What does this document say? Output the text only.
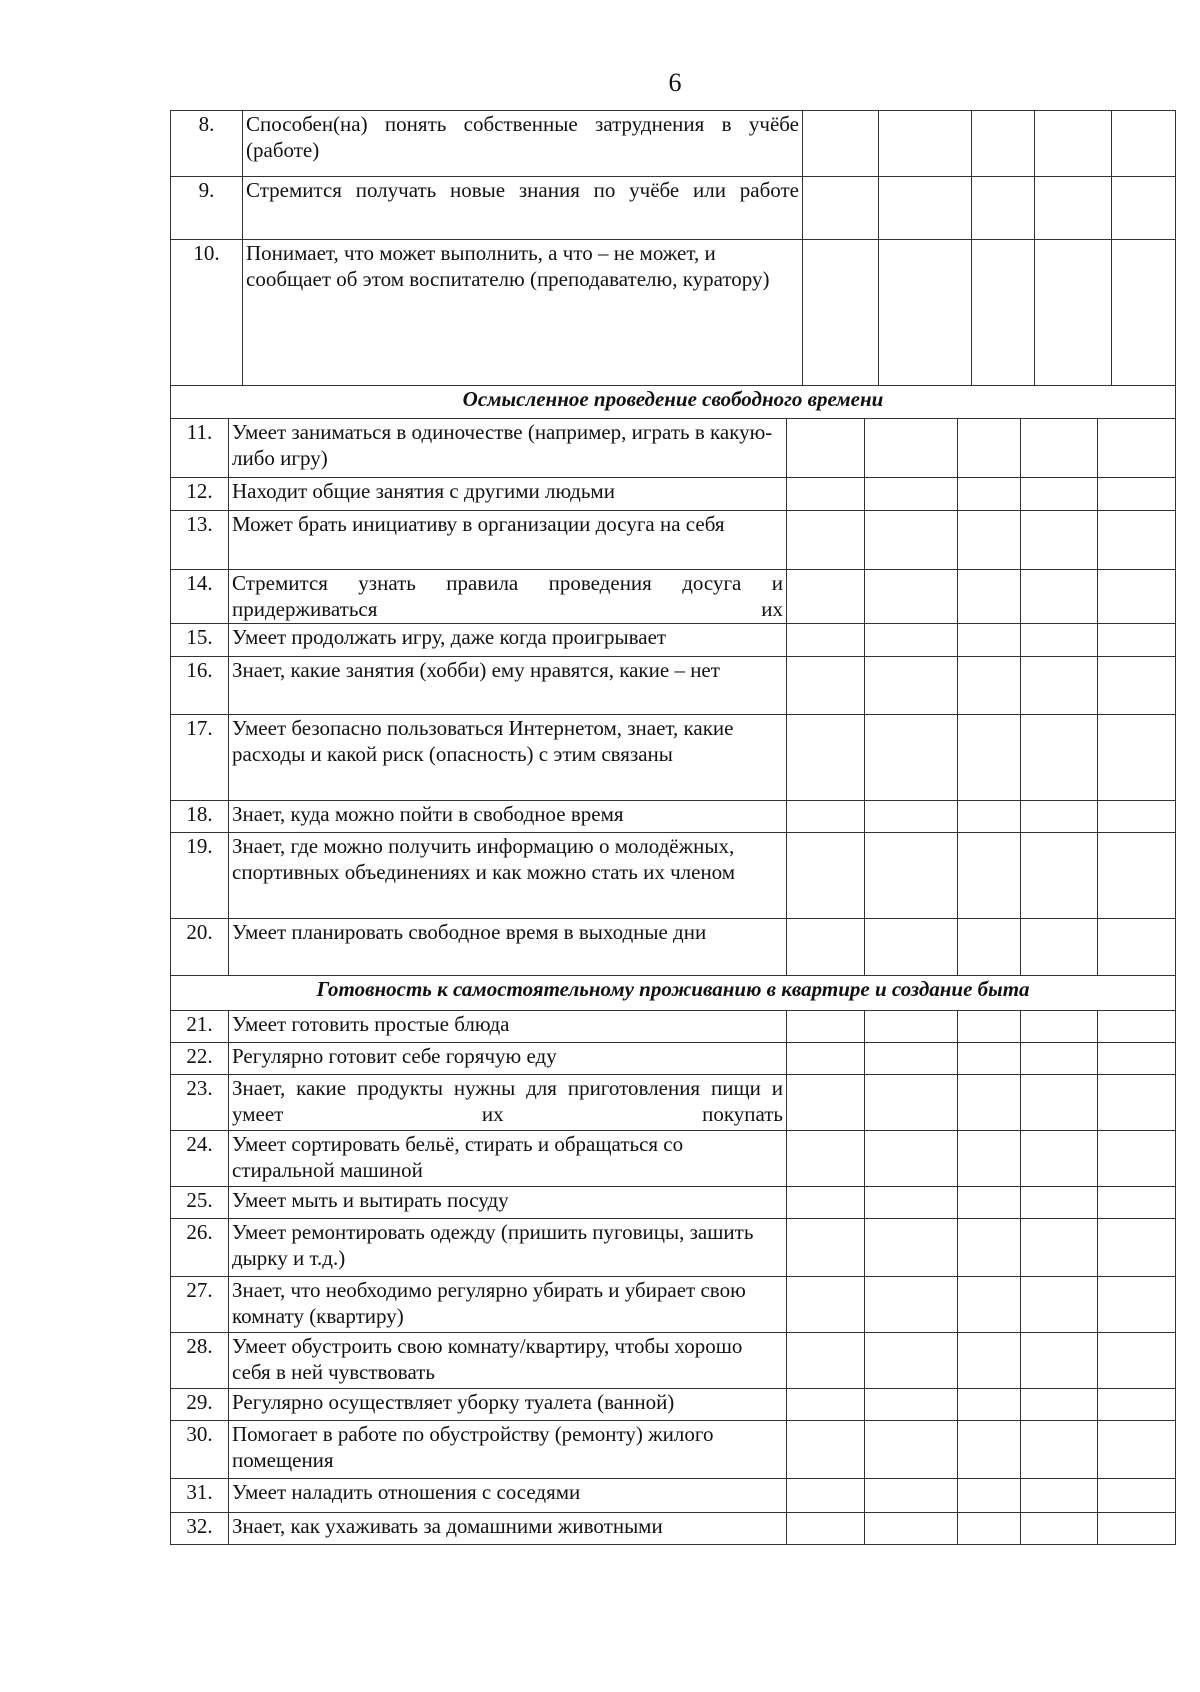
6
8.	Способен(на) понять собственные затруднения в учёбе (работе)					
9.	Стремится получать новые знания по учёбе или работе					
10.	Понимает, что может выполнить, а что – не может, и сообщает об этом воспитателю (преподавателю, куратору)					
Осмысленное проведение свободного времени						
11.	Умеет заниматься в одиночестве (например, играть в какую-либо игру)					
12.	Находит общие занятия с другими людьми					
13.	Может брать инициативу в организации досуга на себя					
14.	Стремится узнать правила проведения досуга и придерживаться их					
15.	Умеет продолжать игру, даже когда проигрывает					
16.	Знает, какие занятия (хобби) ему нравятся, какие – нет					
17.	Умеет безопасно пользоваться Интернетом, знает, какие расходы и какой риск (опасность) с этим связаны					
18.	Знает, куда можно пойти в свободное время					
19.	Знает, где можно получить информацию о молодёжных, спортивных объединениях и как можно стать их членом					
20.	Умеет планировать свободное время в выходные дни					
Готовность к самостоятельному проживанию в квартире и создание быта						
21.	Умеет готовить простые блюда					
22.	Регулярно готовит себе горячую еду					
23.	Знает, какие продукты нужны для приготовления пищи и умеет их покупать					
24.	Умеет сортировать бельё, стирать и обращаться со стиральной машиной					
25.	Умеет мыть и вытирать посуду					
26.	Умеет ремонтировать одежду (пришить пуговицы, зашить дырку и т.д.)					
27.	Знает, что необходимо регулярно убирать и убирает свою комнату (квартиру)					
28.	Умеет обустроить свою комнату/квартиру, чтобы хорошо себя в ней чувствовать					
29.	Регулярно осуществляет уборку туалета (ванной)					
30.	Помогает в работе по обустройству (ремонту) жилого помещения					
31.	Умеет наладить отношения с соседями					
32.	Знает, как ухаживать за домашними животными					
